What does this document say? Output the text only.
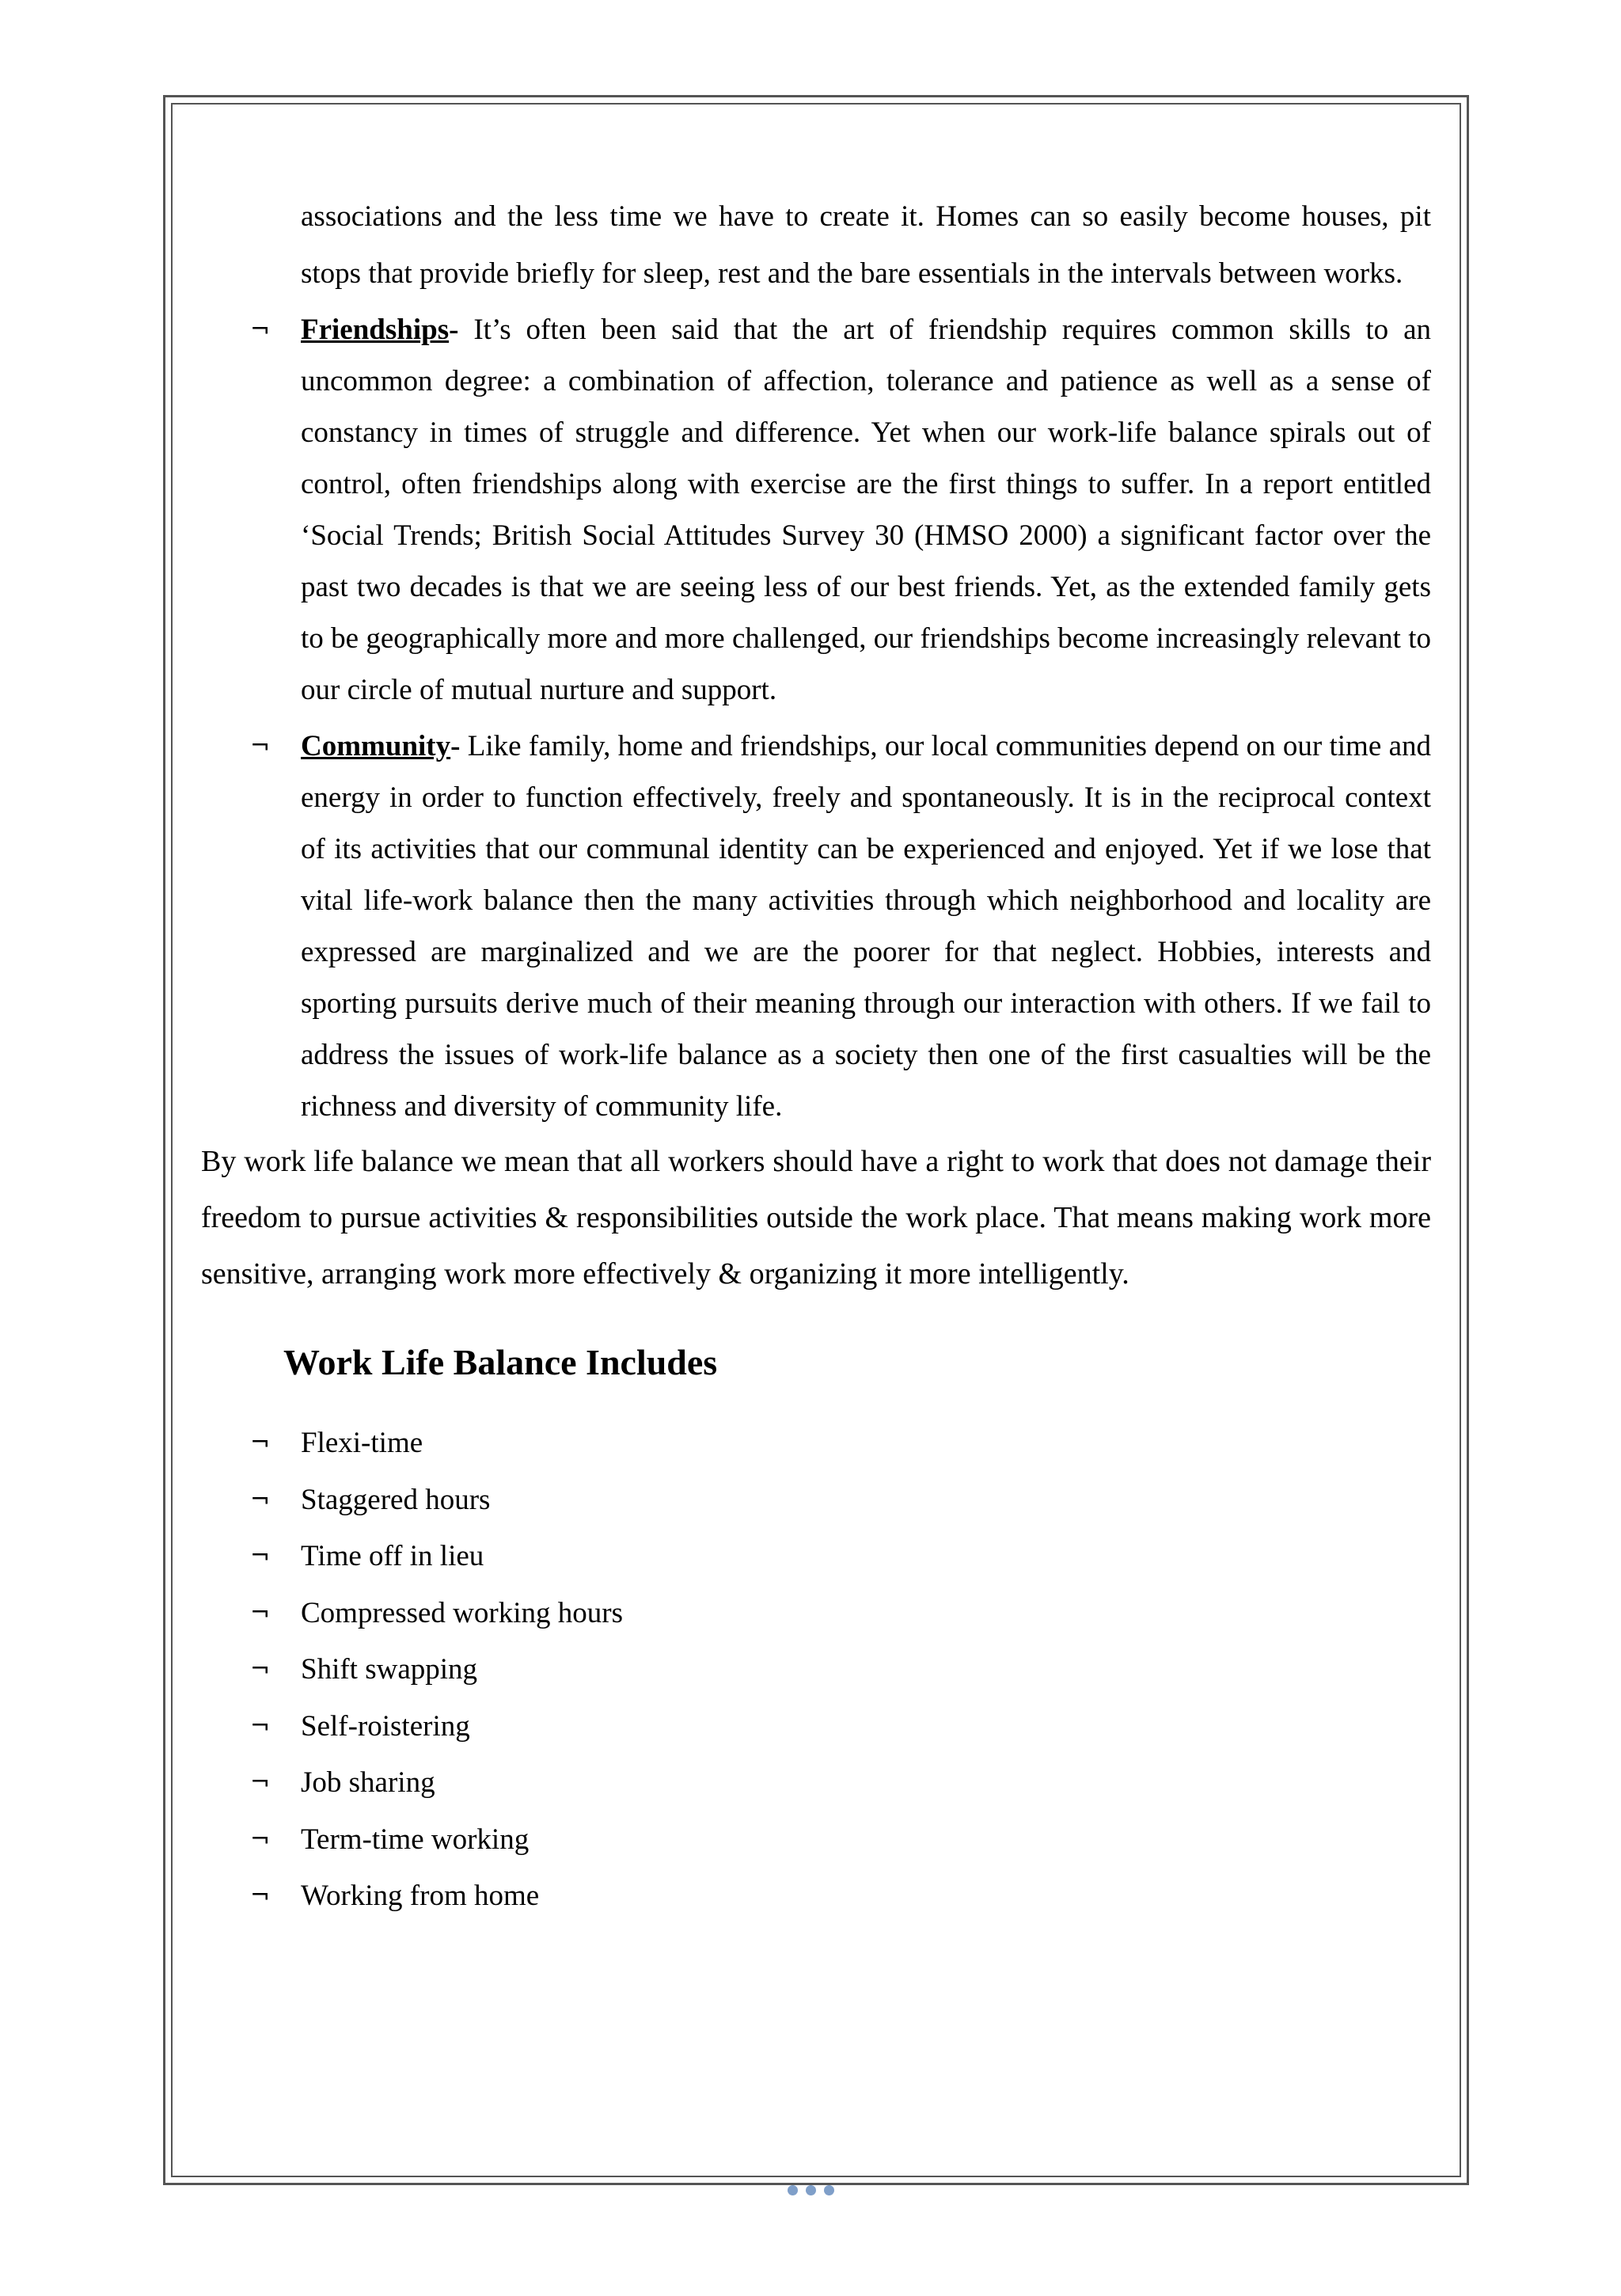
associations and the less time we have to create it. Homes can so easily become houses, pit stops that provide briefly for sleep, rest and the bare essentials in the intervals between works.
¬ Friendships- It’s often been said that the art of friendship requires common skills to an uncommon degree: a combination of affection, tolerance and patience as well as a sense of constancy in times of struggle and difference. Yet when our work-life balance spirals out of control, often friendships along with exercise are the first things to suffer. In a report entitled ‘Social Trends; British Social Attitudes Survey 30 (HMSO 2000) a significant factor over the past two decades is that we are seeing less of our best friends. Yet, as the extended family gets to be geographically more and more challenged, our friendships become increasingly relevant to our circle of mutual nurture and support.
¬ Community- Like family, home and friendships, our local communities depend on our time and energy in order to function effectively, freely and spontaneously. It is in the reciprocal context of its activities that our communal identity can be experienced and enjoyed. Yet if we lose that vital life-work balance then the many activities through which neighborhood and locality are expressed are marginalized and we are the poorer for that neglect. Hobbies, interests and sporting pursuits derive much of their meaning through our interaction with others. If we fail to address the issues of work-life balance as a society then one of the first casualties will be the richness and diversity of community life.
By work life balance we mean that all workers should have a right to work that does not damage their freedom to pursue activities & responsibilities outside the work place. That means making work more sensitive, arranging work more effectively & organizing it more intelligently.
Work Life Balance Includes
¬ Flexi-time
¬ Staggered hours
¬ Time off in lieu
¬ Compressed working hours
¬ Shift swapping
¬ Self-roistering
¬ Job sharing
¬ Term-time working
¬ Working from home
